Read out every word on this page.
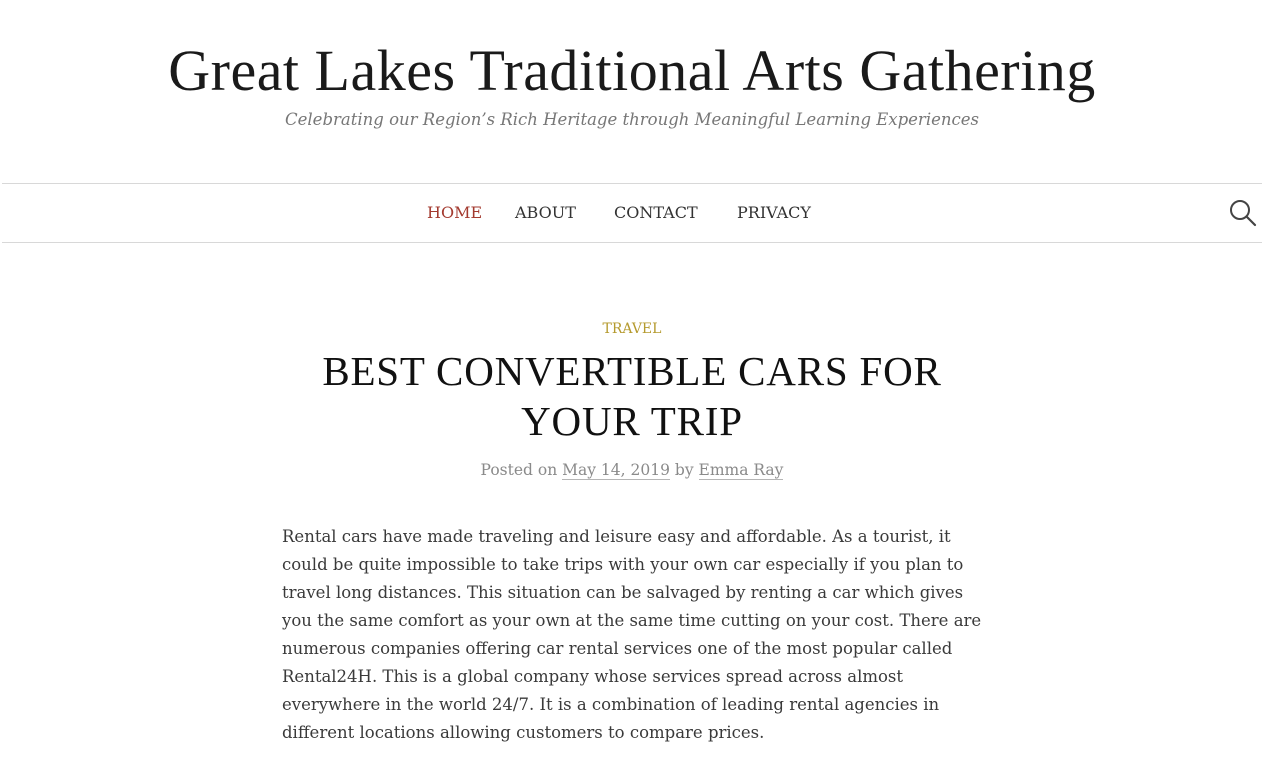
Great Lakes Traditional Arts Gathering

Celebrating our Region’s Rich Heritage through Meaningful Learning Experiences

HOME ABOUT CONTACT PRIVACY
TRAVEL
BEST CONVERTIBLE CARS FOR YOUR TRIP
Posted on May 14, 2019 by Emma Ray

Rental cars have made traveling and leisure easy and affordable. As a tourist, it could be quite impossible to take trips with your own car especially if you plan to travel long distances. This situation can be salvaged by renting a car which gives you the same comfort as your own at the same time cutting on your cost. There are numerous companies offering car rental services one of the most popular called Rental24H. This is a global company whose services spread across almost everywhere in the world 24/7. It is a combination of leading rental agencies in different locations allowing customers to compare prices.
